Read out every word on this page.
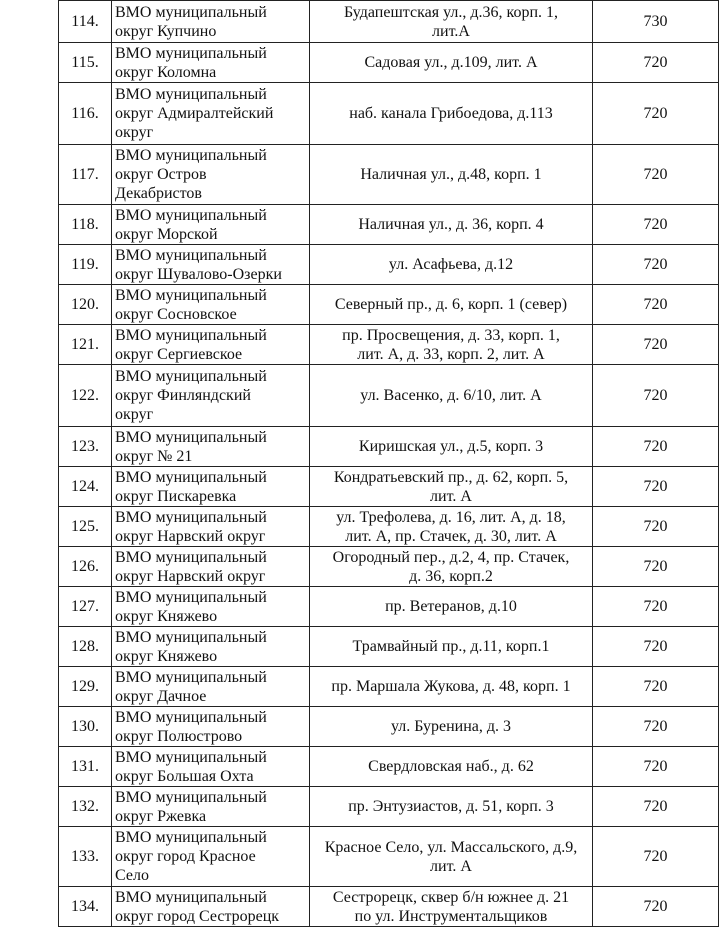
114.	ВМО муниципальный
округ Купчино	Будапештская ул., д.36, корп. 1,
лит.А	730
115.	ВМО муниципальный
округ Коломна	Садовая ул., д.109, лит. А	720
116.	ВМО муниципальный
округ Адмиралтейский
округ	наб. канала Грибоедова, д.113	720
117.	ВМО муниципальный
округ Остров
Декабристов	Наличная ул., д.48, корп. 1	720
118.	ВМО муниципальный
округ Морской	Наличная ул., д. 36, корп. 4	720
119.	ВМО муниципальный
округ Шувалово-Озерки	ул. Асафьева, д.12	720
120.	ВМО муниципальный
округ Сосновское	Северный пр., д. 6, корп. 1 (север)	720
121.	ВМО муниципальный
округ Сергиевское	пр. Просвещения, д. 33, корп. 1,
лит. А, д. 33, корп. 2, лит. А	720
122.	ВМО муниципальный
округ Финляндский
округ	ул. Васенко, д. 6/10, лит. А	720
123.	ВМО муниципальный
округ № 21	Киришская ул., д.5, корп. 3	720
124.	ВМО муниципальный
округ Пискаревка	Кондратьевский пр., д. 62, корп. 5,
лит. А	720
125.	ВМО муниципальный
округ Нарвский округ	ул. Трефолева, д. 16, лит. А, д. 18,
лит. А, пр. Стачек, д. 30, лит. А	720
126.	ВМО муниципальный
округ Нарвский округ	Огородный пер., д.2, 4, пр. Стачек,
д. 36, корп.2	720
127.	ВМО муниципальный
округ Княжево	пр. Ветеранов, д.10	720
128.	ВМО муниципальный
округ Княжево	Трамвайный пр., д.11, корп.1	720
129.	ВМО муниципальный
округ Дачное	пр. Маршала Жукова, д. 48, корп. 1	720
130.	ВМО муниципальный
округ Полюстрово	ул. Буренина, д. 3	720
131.	ВМО муниципальный
округ Большая Охта	Свердловская наб., д. 62	720
132.	ВМО муниципальный
округ Ржевка	пр. Энтузиастов, д. 51, корп. 3	720
133.	ВМО муниципальный
округ город Красное
Село	Красное Село, ул. Массальского, д.9,
лит. А	720
134.	ВМО муниципальный
округ город Сестрорецк	Сестрорецк, сквер б/н южнее д. 21
по ул. Инструментальщиков	720
